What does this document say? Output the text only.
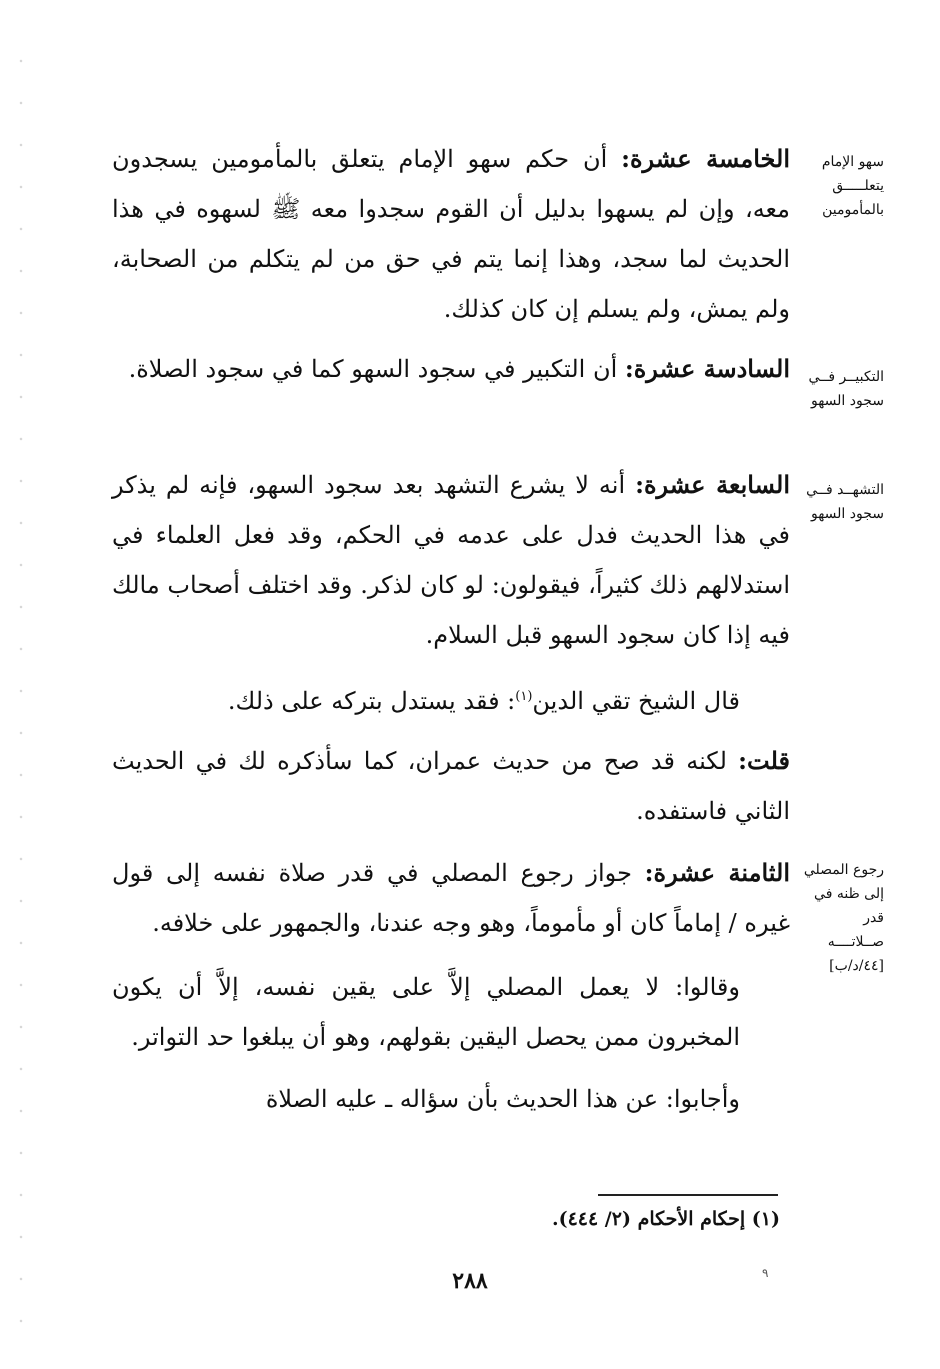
سهو الإمام
يتعلـــــق
بالمأمومين

الخامسة عشرة: أن حكم سهو الإمام يتعلق بالمأمومين يسجدون معه، وإن لم يسهوا بدليل أن القوم سجدوا معه ﷺ لسهوه في هذا الحديث لما سجد، وهذا إنما يتم في حق من لم يتكلم من الصحابة، ولم يمش، ولم يسلم إن كان كذلك.

التكبيــر فــي
سجود السهو

السادسة عشرة: أن التكبير في سجود السهو كما في سجود الصلاة.

التشهــد فــي
سجود السهو

السابعة عشرة: أنه لا يشرع التشهد بعد سجود السهو، فإنه لم يذكر في هذا الحديث فدل على عدمه في الحكم، وقد فعل العلماء في استدلالهم ذلك كثيراً، فيقولون: لو كان لذكر. وقد اختلف أصحاب مالك فيه إذا كان سجود السهو قبل السلام.

قال الشيخ تقي الدين$^{(١)}$: فقد يستدل بتركه على ذلك.

قلت: لكنه قد صح من حديث عمران، كما سأذكره لك في الحديث الثاني فاستفده.

رجوع المصلي
إلى ظنه في قدر
صــلاتــــه
[٤٤/د/ب]

الثامنة عشرة: جواز رجوع المصلي في قدر صلاة نفسه إلى قول غيره / إماماً كان أو مأموماً، وهو وجه عندنا، والجمهور على خلافه.

وقالوا: لا يعمل المصلي إلاَّ على يقين نفسه، إلاَّ أن يكون المخبرون ممن يحصل اليقين بقولهم، وهو أن يبلغوا حد التواتر.

وأجابوا: عن هذا الحديث بأن سؤاله ـ عليه الصلاة

(١) إحكام الأحكام (٢/ ٤٤٤).
٩
٢٨٨
